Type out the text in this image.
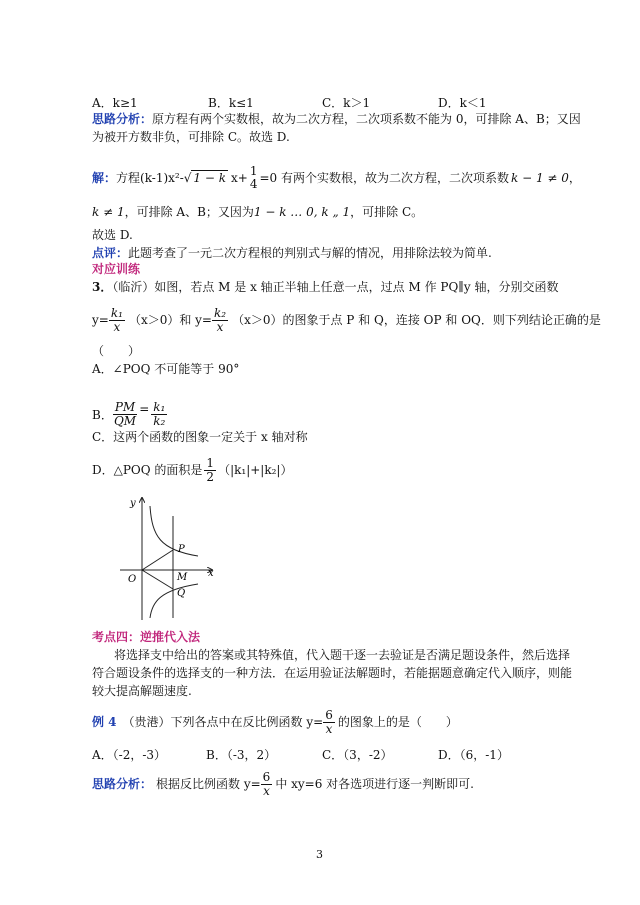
A．k≥1	B．k≤1	C．k＞1	D．k＜1
思路分析：原方程有两个实数根，故为二次方程，二次项系数不能为 0，可排除 A、B；又因
为被开方数非负，可排除 C。故选 D.
解： 方程(k-1)x²- √ 1 − k x+ 1
4 =0 有两个实数根，故为二次方程，二次项系数 k − 1 ≠ 0 ，
k ≠ 1，可排除 A、B；又因为1 − k … 0, k „ 1，可排除 C。
故选 D.
点评：此题考查了一元二次方程根的判别式与解的情况，用排除法较为简单.
对应训练
3．（临沂）如图，若点 M 是 x 轴正半轴上任意一点，过点 M 作 PQ∥y 轴，分别交函数
$y= \frac{\text{k₁}}{x} (x>0)$和 $y= \frac{\text{k₂}}{x} (x>0)$的图象于点 P 和 Q，连接 OP 和 OQ．则下列结论正确的是
（　　）
A．∠POQ 不可能等于 90°
B． $\frac{PM}{QM} = \frac{\text{k₁}}{\text{k₂}}$
C．这两个函数的图象一定关于 x 轴对称
D．△POQ 的面积是 $\frac{1}{2} (|k_1|+|k_2|)$
y
x
O
P
M
Q
考点四：逆推代入法
将选择支中给出的答案或其特殊值，代入题干逐一去验证是否满足题设条件，然后选择
符合题设条件的选择支的一种方法．在运用验证法解题时，若能据题意确定代入顺序，则能
较大提高解题速度.
例 4 （贵港）下列各点中在反比例函数 $y= \frac{6}{x}$ 的图象上的是（　　）
A．（-2，-3）	B．（-3，2）	C．（3，-2）	D．（6，-1）
思路分析： 根据反比例函数 $y= \frac{6}{x}$ 中 xy=6 对各选项进行逐一判断即可.
3
